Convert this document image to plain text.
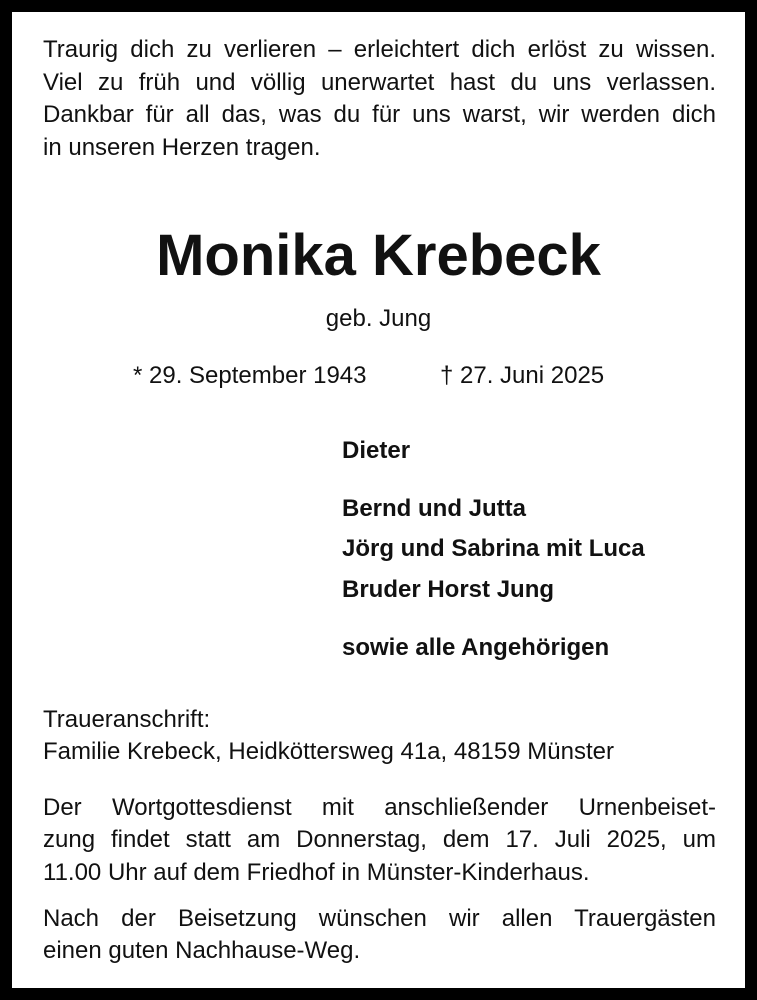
Traurig dich zu verlieren – erleichtert dich erlöst zu wissen.
Viel zu früh und völlig unerwartet hast du uns verlassen.
Dankbar für all das, was du für uns warst, wir werden dich
in unseren Herzen tragen.
Monika Krebeck
geb. Jung
* 29. September 1943	† 27. Juni 2025
Dieter
Bernd und Jutta
Jörg und Sabrina mit Luca
Bruder Horst Jung
sowie alle Angehörigen
Traueranschrift:
Familie Krebeck, Heidköttersweg 41a, 48159 Münster
Der Wortgottesdienst mit anschließender Urnenbeiset-
zung findet statt am Donnerstag, dem 17. Juli 2025, um
11.00 Uhr auf dem Friedhof in Münster-Kinderhaus.
Nach der Beisetzung wünschen wir allen Trauergästen
einen guten Nachhause-Weg.
